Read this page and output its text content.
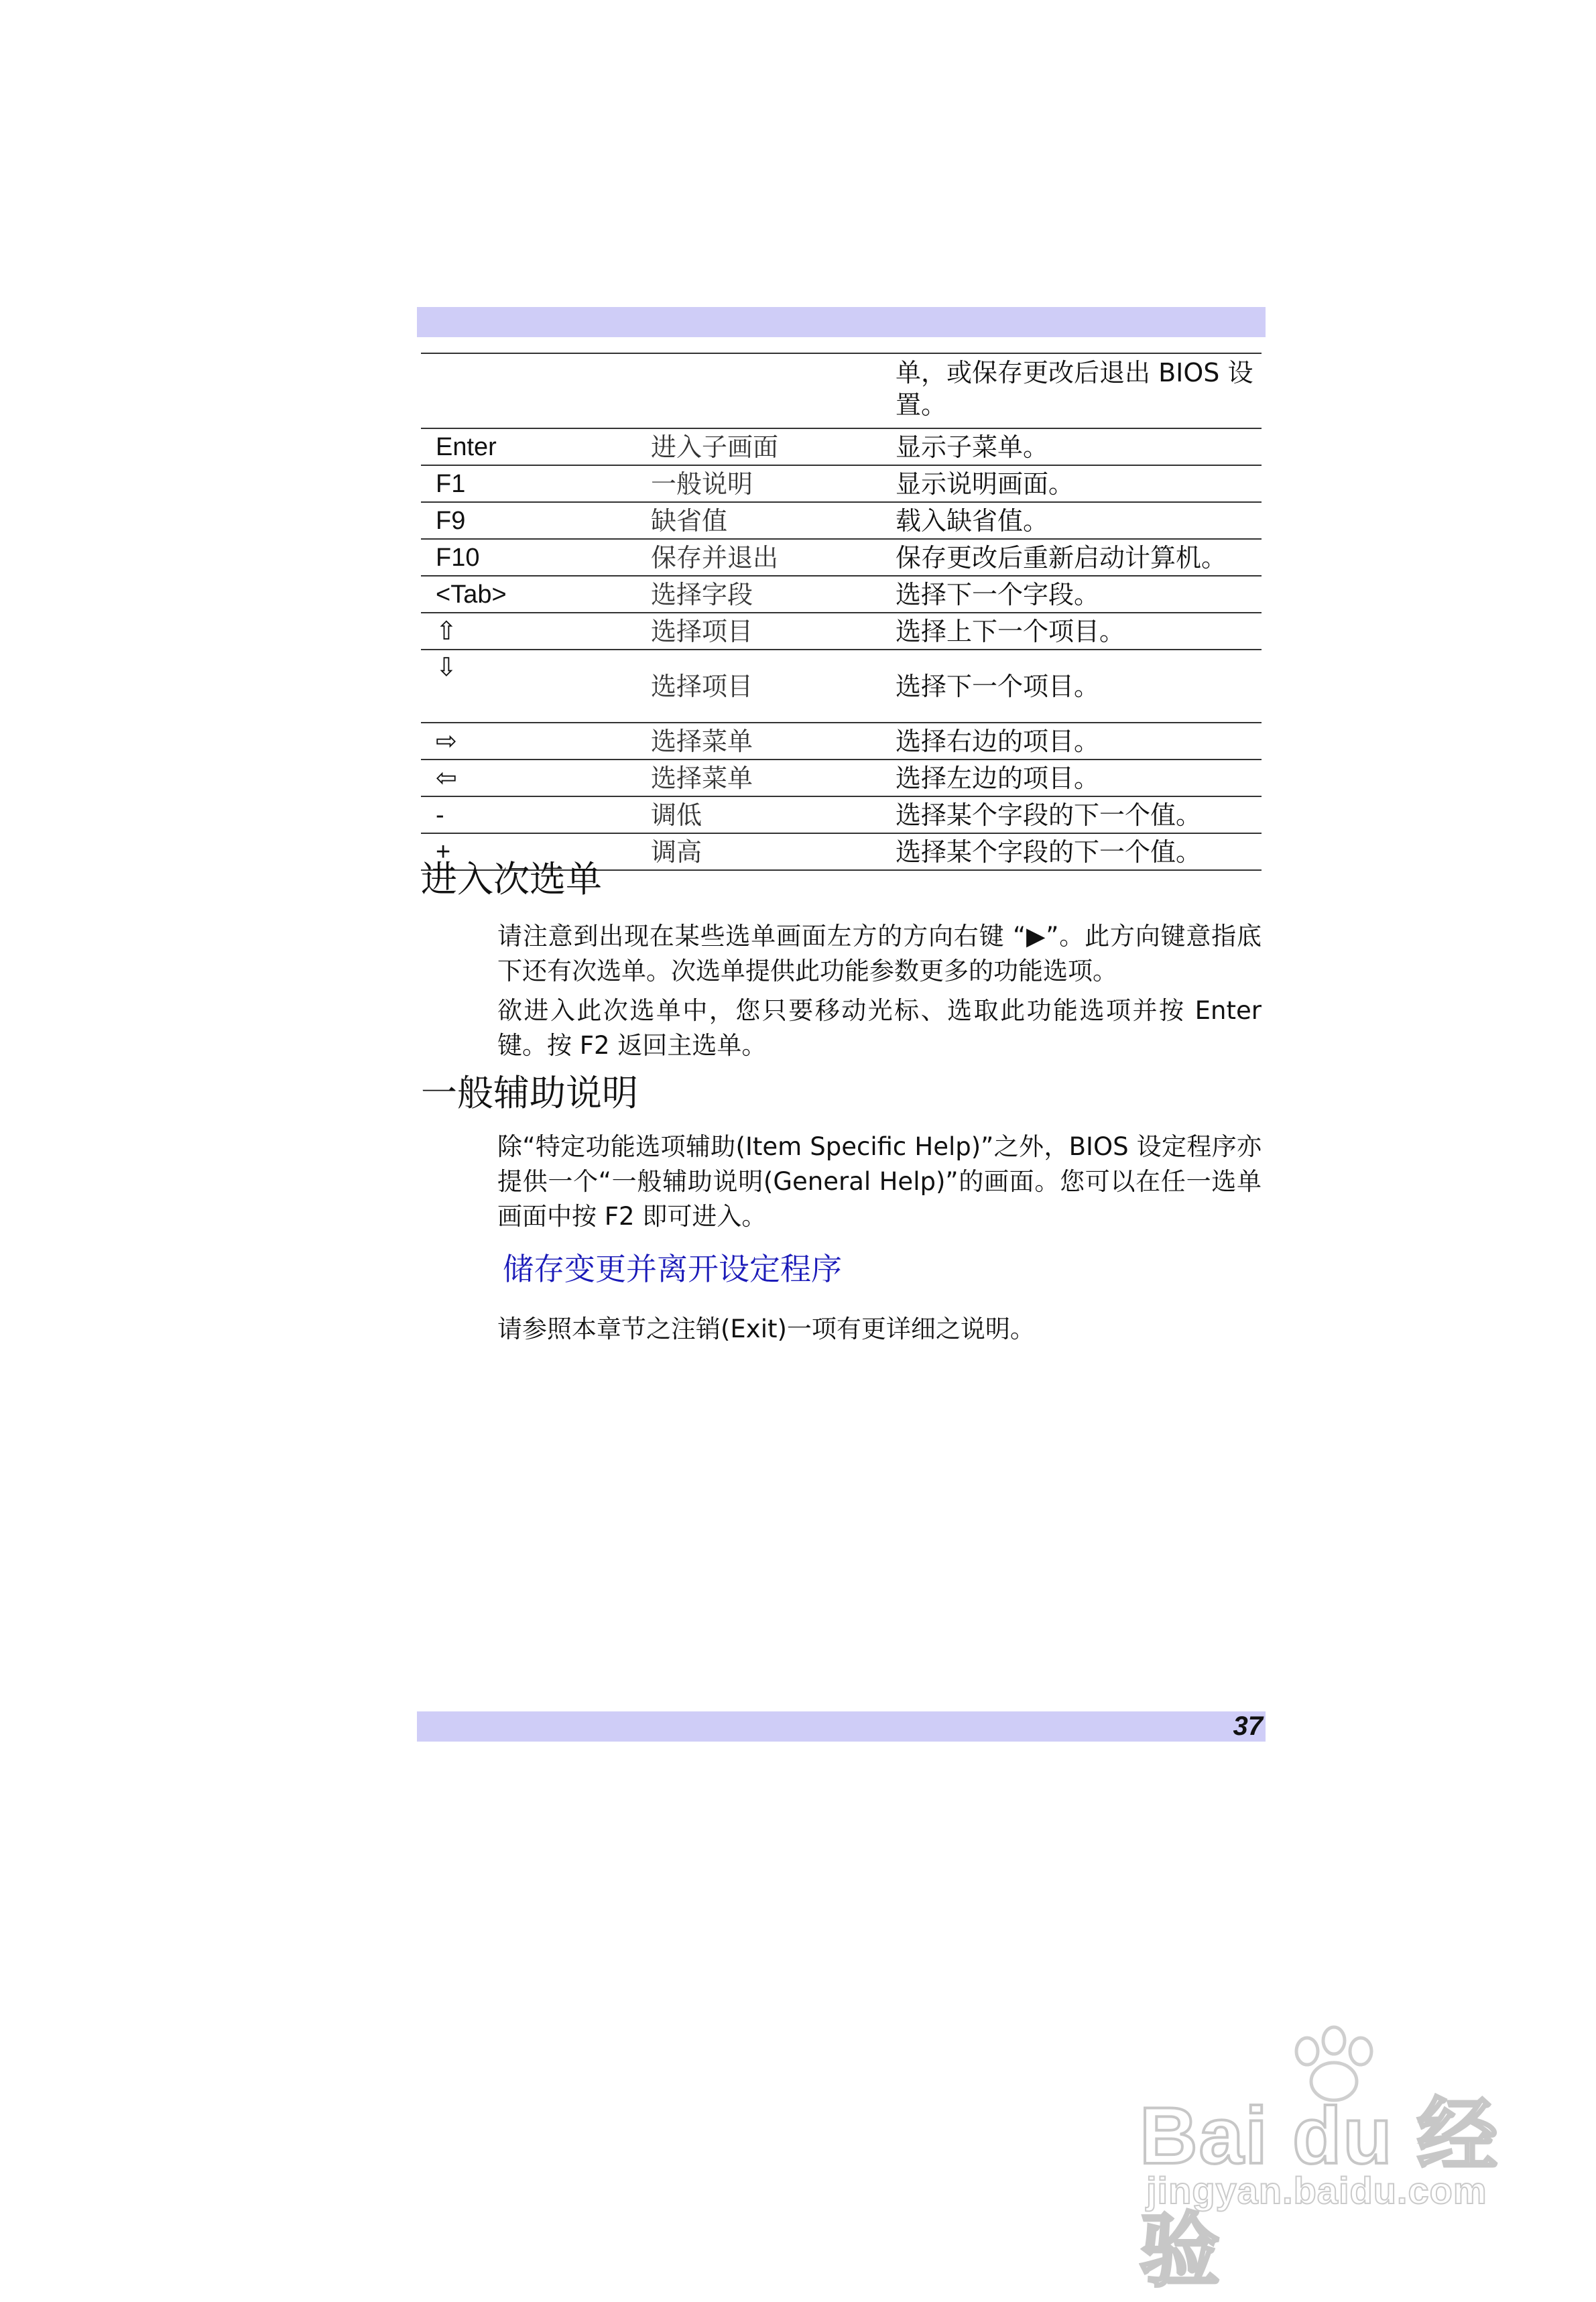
		单，或保存更改后退出 BIOS 设置。
Enter	进入子画面	显示子菜单。
F1	一般说明	显示说明画面。
F9	缺省值	载入缺省值。
F10	保存并退出	保存更改后重新启动计算机。
<Tab>	选择字段	选择下一个字段。
⇧	选择项目	选择上下一个项目。
⇩	选择项目	选择下一个项目。
⇨	选择菜单	选择右边的项目。
⇦	选择菜单	选择左边的项目。
-	调低	选择某个字段的下一个值。
+	调高	选择某个字段的下一个值。
进入次选单

请注意到出现在某些选单画面左方的方向右键 “▶”。此方向键意指底下还有次选单。次选单提供此功能参数更多的功能选项。

欲进入此次选单中，您只要移动光标、选取此功能选项并按 Enter 键。按 F2 返回主选单。

一般辅助说明

除“特定功能选项辅助(Item Specific Help)”之外，BIOS 设定程序亦提供一个“一般辅助说明(General Help)”的画面。您可以在任一选单画面中按 F2 即可进入。

储存变更并离开设定程序

请参照本章节之注销(Exit)一项有更详细之说明。

37
Bai du 经验
jingyan.baidu.com
